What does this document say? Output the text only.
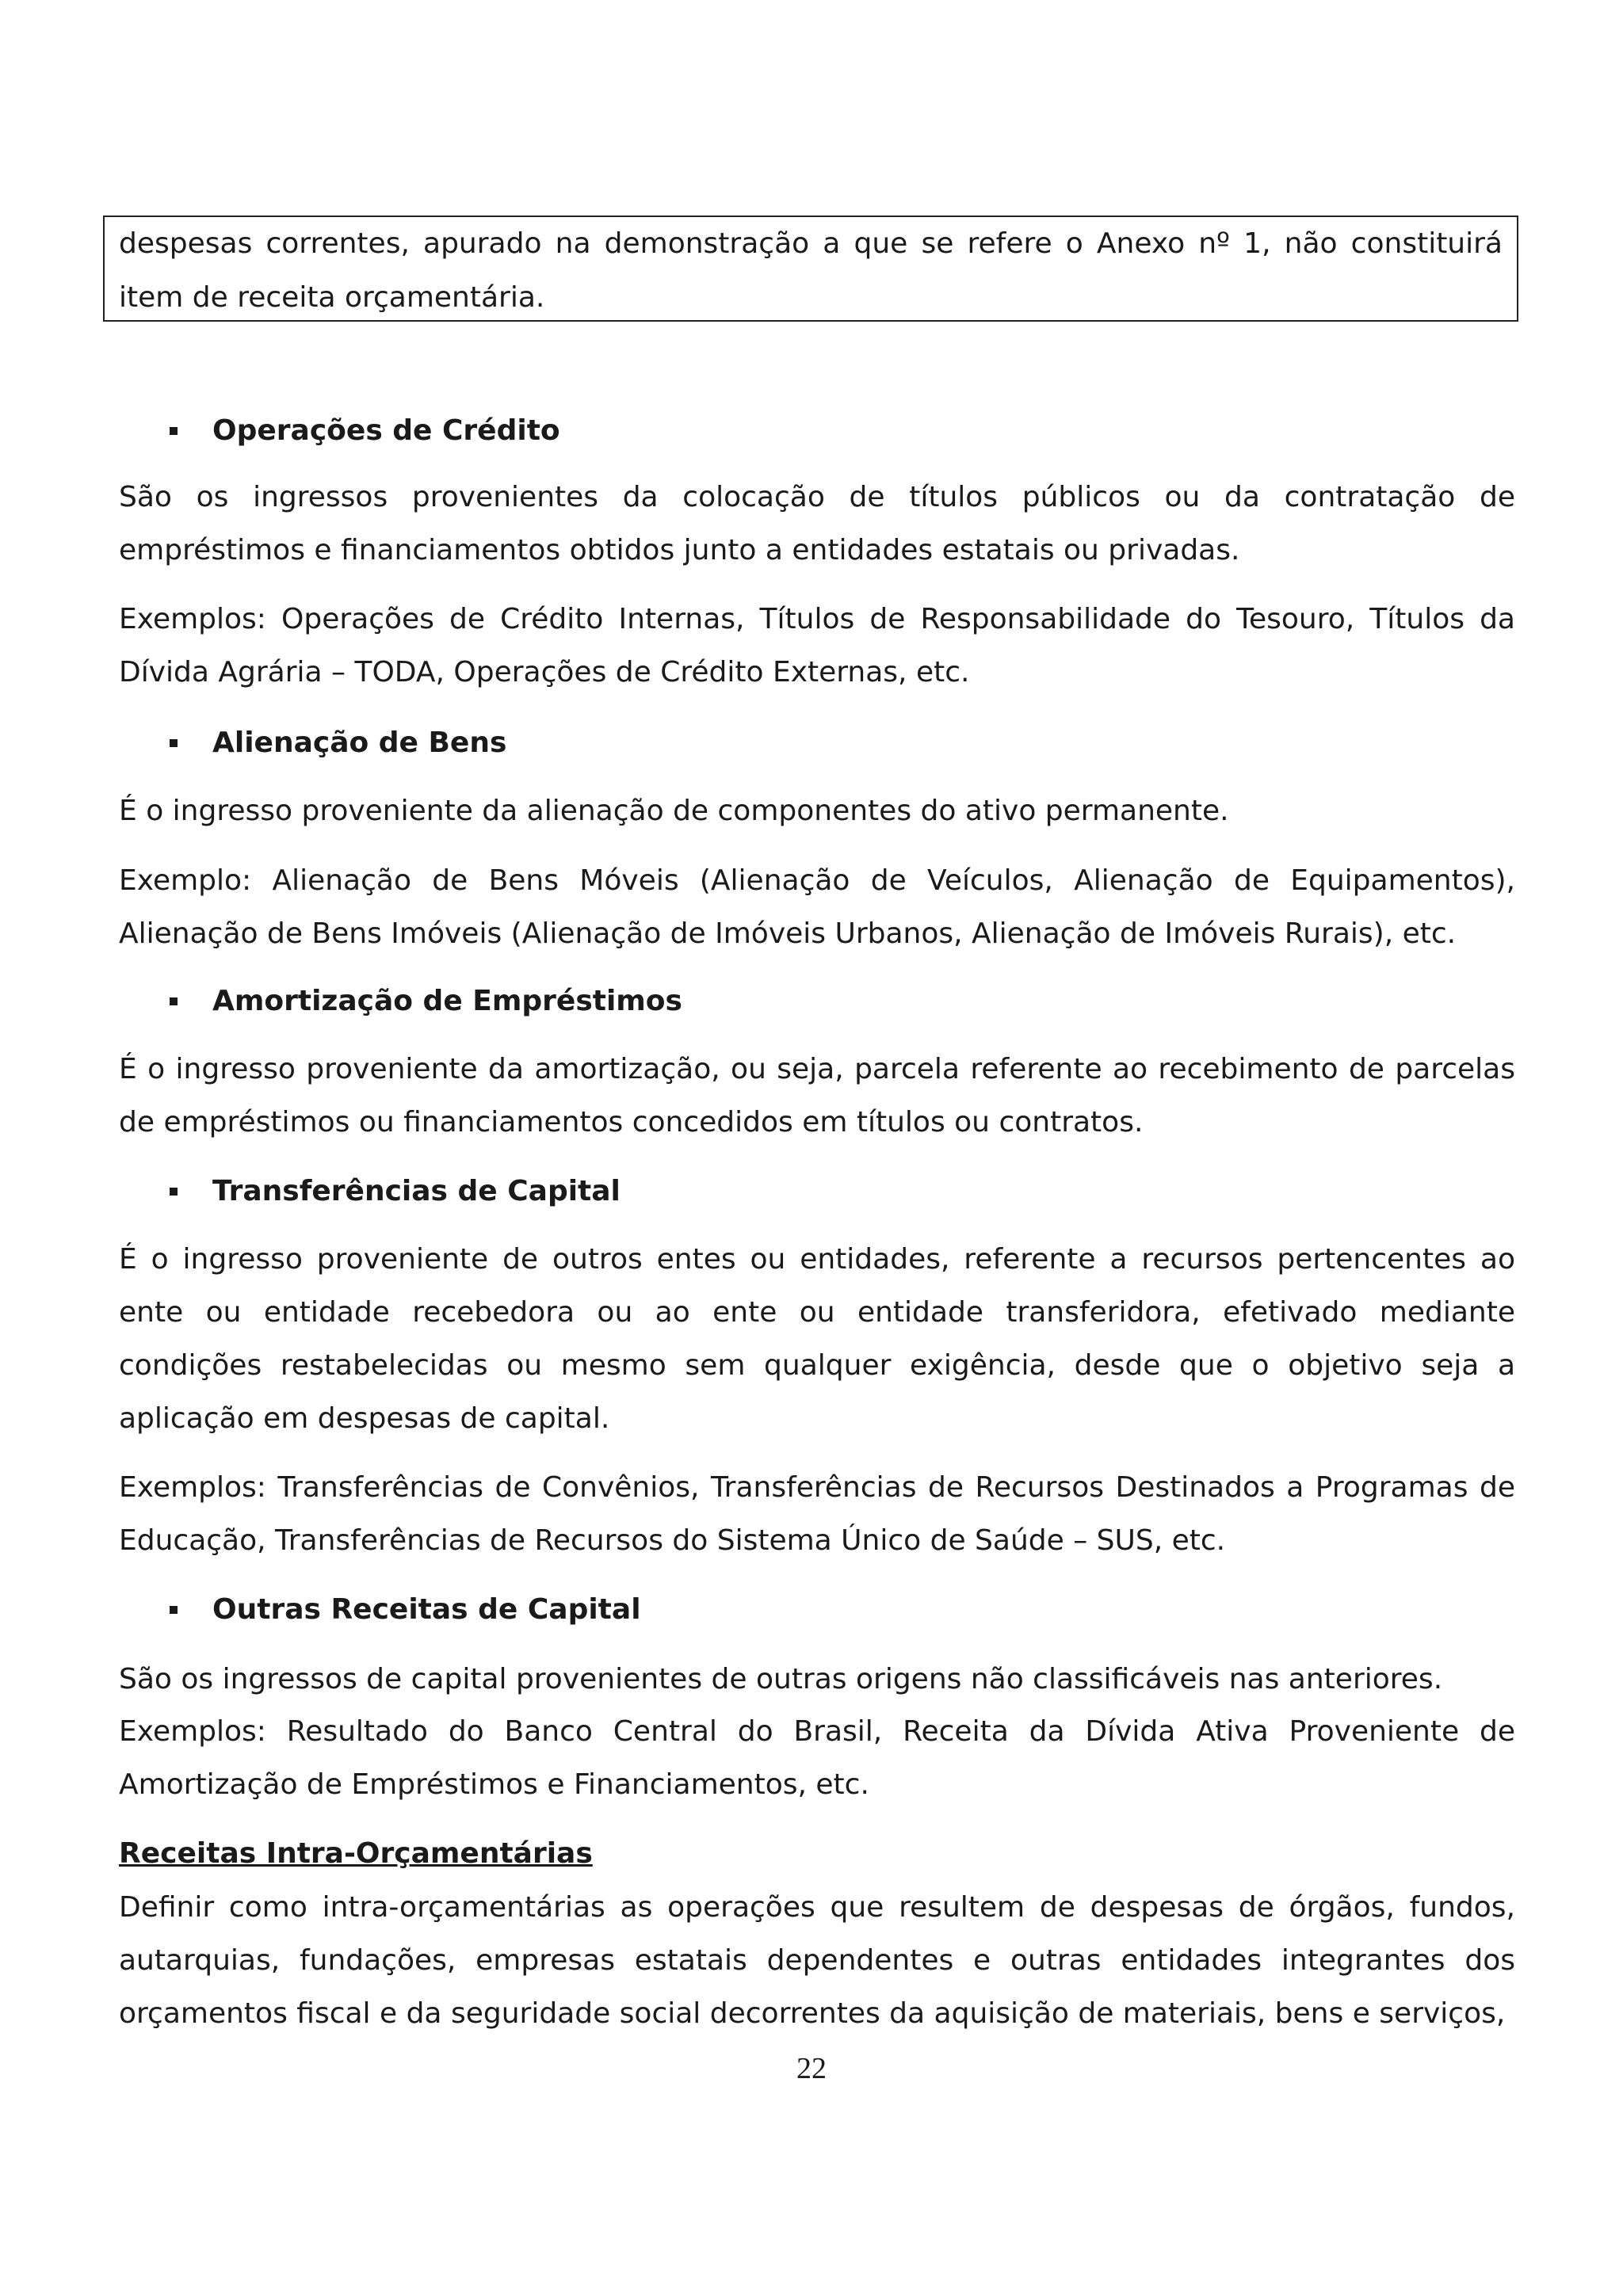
despesas correntes, apurado na demonstração a que se refere o Anexo nº 1, não constituirá item de receita orçamentária.

Operações de Crédito

São os ingressos provenientes da colocação de títulos públicos ou da contratação de empréstimos e financiamentos obtidos junto a entidades estatais ou privadas.

Exemplos: Operações de Crédito Internas, Títulos de Responsabilidade do Tesouro, Títulos da Dívida Agrária – TODA, Operações de Crédito Externas, etc.

Alienação de Bens

É o ingresso proveniente da alienação de componentes do ativo permanente.

Exemplo: Alienação de Bens Móveis (Alienação de Veículos, Alienação de Equipamentos), Alienação de Bens Imóveis (Alienação de Imóveis Urbanos, Alienação de Imóveis Rurais), etc.

Amortização de Empréstimos

É o ingresso proveniente da amortização, ou seja, parcela referente ao recebimento de parcelas de empréstimos ou financiamentos concedidos em títulos ou contratos.

Transferências de Capital

É o ingresso proveniente de outros entes ou entidades, referente a recursos pertencentes ao ente ou entidade recebedora ou ao ente ou entidade transferidora, efetivado mediante condições restabelecidas ou mesmo sem qualquer exigência, desde que o objetivo seja a aplicação em despesas de capital.

Exemplos: Transferências de Convênios, Transferências de Recursos Destinados a Programas de Educação, Transferências de Recursos do Sistema Único de Saúde – SUS, etc.

Outras Receitas de Capital

São os ingressos de capital provenientes de outras origens não classificáveis nas anteriores.

Exemplos: Resultado do Banco Central do Brasil, Receita da Dívida Ativa Proveniente de Amortização de Empréstimos e Financiamentos, etc.

Receitas Intra-Orçamentárias

Definir como intra-orçamentárias as operações que resultem de despesas de órgãos, fundos, autarquias, fundações, empresas estatais dependentes e outras entidades integrantes dos orçamentos fiscal e da seguridade social decorrentes da aquisição de materiais, bens e serviços,

22
